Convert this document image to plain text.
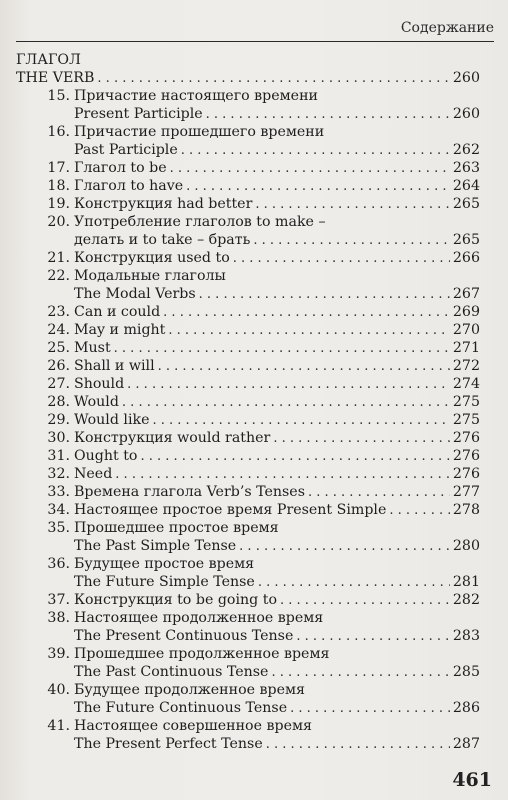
Содержание
ГЛАГОЛ
THE VERB . . .	260
15. Причастие настоящего времени
Present Participle . . .	260
16. Причастие прошедшего времени
Past Participle . . .	262
17. Глагол to be . . .	263
18. Глагол to have . . .	264
19. Конструкция had better . . .	265
20. Употребление глаголов to make –
делать и to take – брать . . .	265
21. Конструкция used to . . .	266
22. Модальные глаголы
The Modal Verbs . . .	267
23. Can и could . . .	269
24. May и might . . .	270
25. Must . . .	271
26. Shall и will . . .	272
27. Should . . .	274
28. Would . . .	275
29. Would like . . .	275
30. Конструкция would rather . . .	276
31. Ought to . . .	276
32. Need . . .	276
33. Времена глагола Verb’s Tenses . . .	277
34. Настоящее простое время Present Simple . . .	278
35. Прошедшее простое время
The Past Simple Tense . . .	280
36. Будущее простое время
The Future Simple Tense . . .	281
37. Конструкция to be going to . . .	282
38. Настоящее продолженное время
The Present Continuous Tense . . .	283
39. Прошедшее продолженное время
The Past Continuous Tense . . .	285
40. Будущее продолженное время
The Future Continuous Tense . . .	286
41. Настоящее совершенное время
The Present Perfect Tense . . .	287
461
